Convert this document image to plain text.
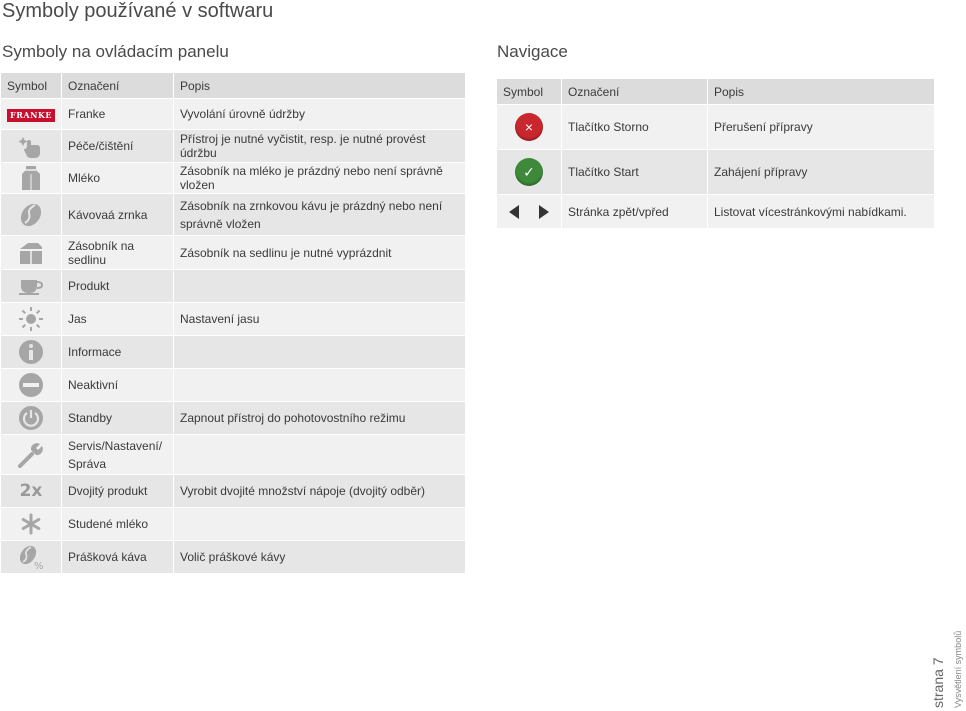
Symboly používané v softwaru
Symboly na ovládacím panelu	Navigace
Symbol	Označení	Popis
FRANKE	Franke	Vyvolání úrovně údržby
	Péče/čištění	Přístroj je nutné vyčistit, resp. je nutné provést údržbu
	Mléko	Zásobník na mléko je prázdný nebo není správně vložen
	Kávovaá zrnka	Zásobník na zrnkovou kávu je prázdný nebo není správně vložen
	Zásobník na sedlinu	Zásobník na sedlinu je nutné vyprázdnit
	Produkt	
	Jas	Nastavení jasu
	Informace	
	Neaktivní	
	Standby	Zapnout přístroj do pohotovostního režimu
	Servis/Nastavení/ Správa	
2x	Dvojitý produkt	Vyrobit dvojité množství nápoje (dvojitý odběr)
	Studené mléko	

%	Prášková káva	Volič práškové kávy
Symbol	Označení	Popis
×	Tlačítko Storno	Přerušení přípravy
✓	Tlačítko Start	Zahájení přípravy
	Stránka zpět/vpřed	Listovat vícestránkovými nabídkami.
strana 7 Vysvětlení symbolů
